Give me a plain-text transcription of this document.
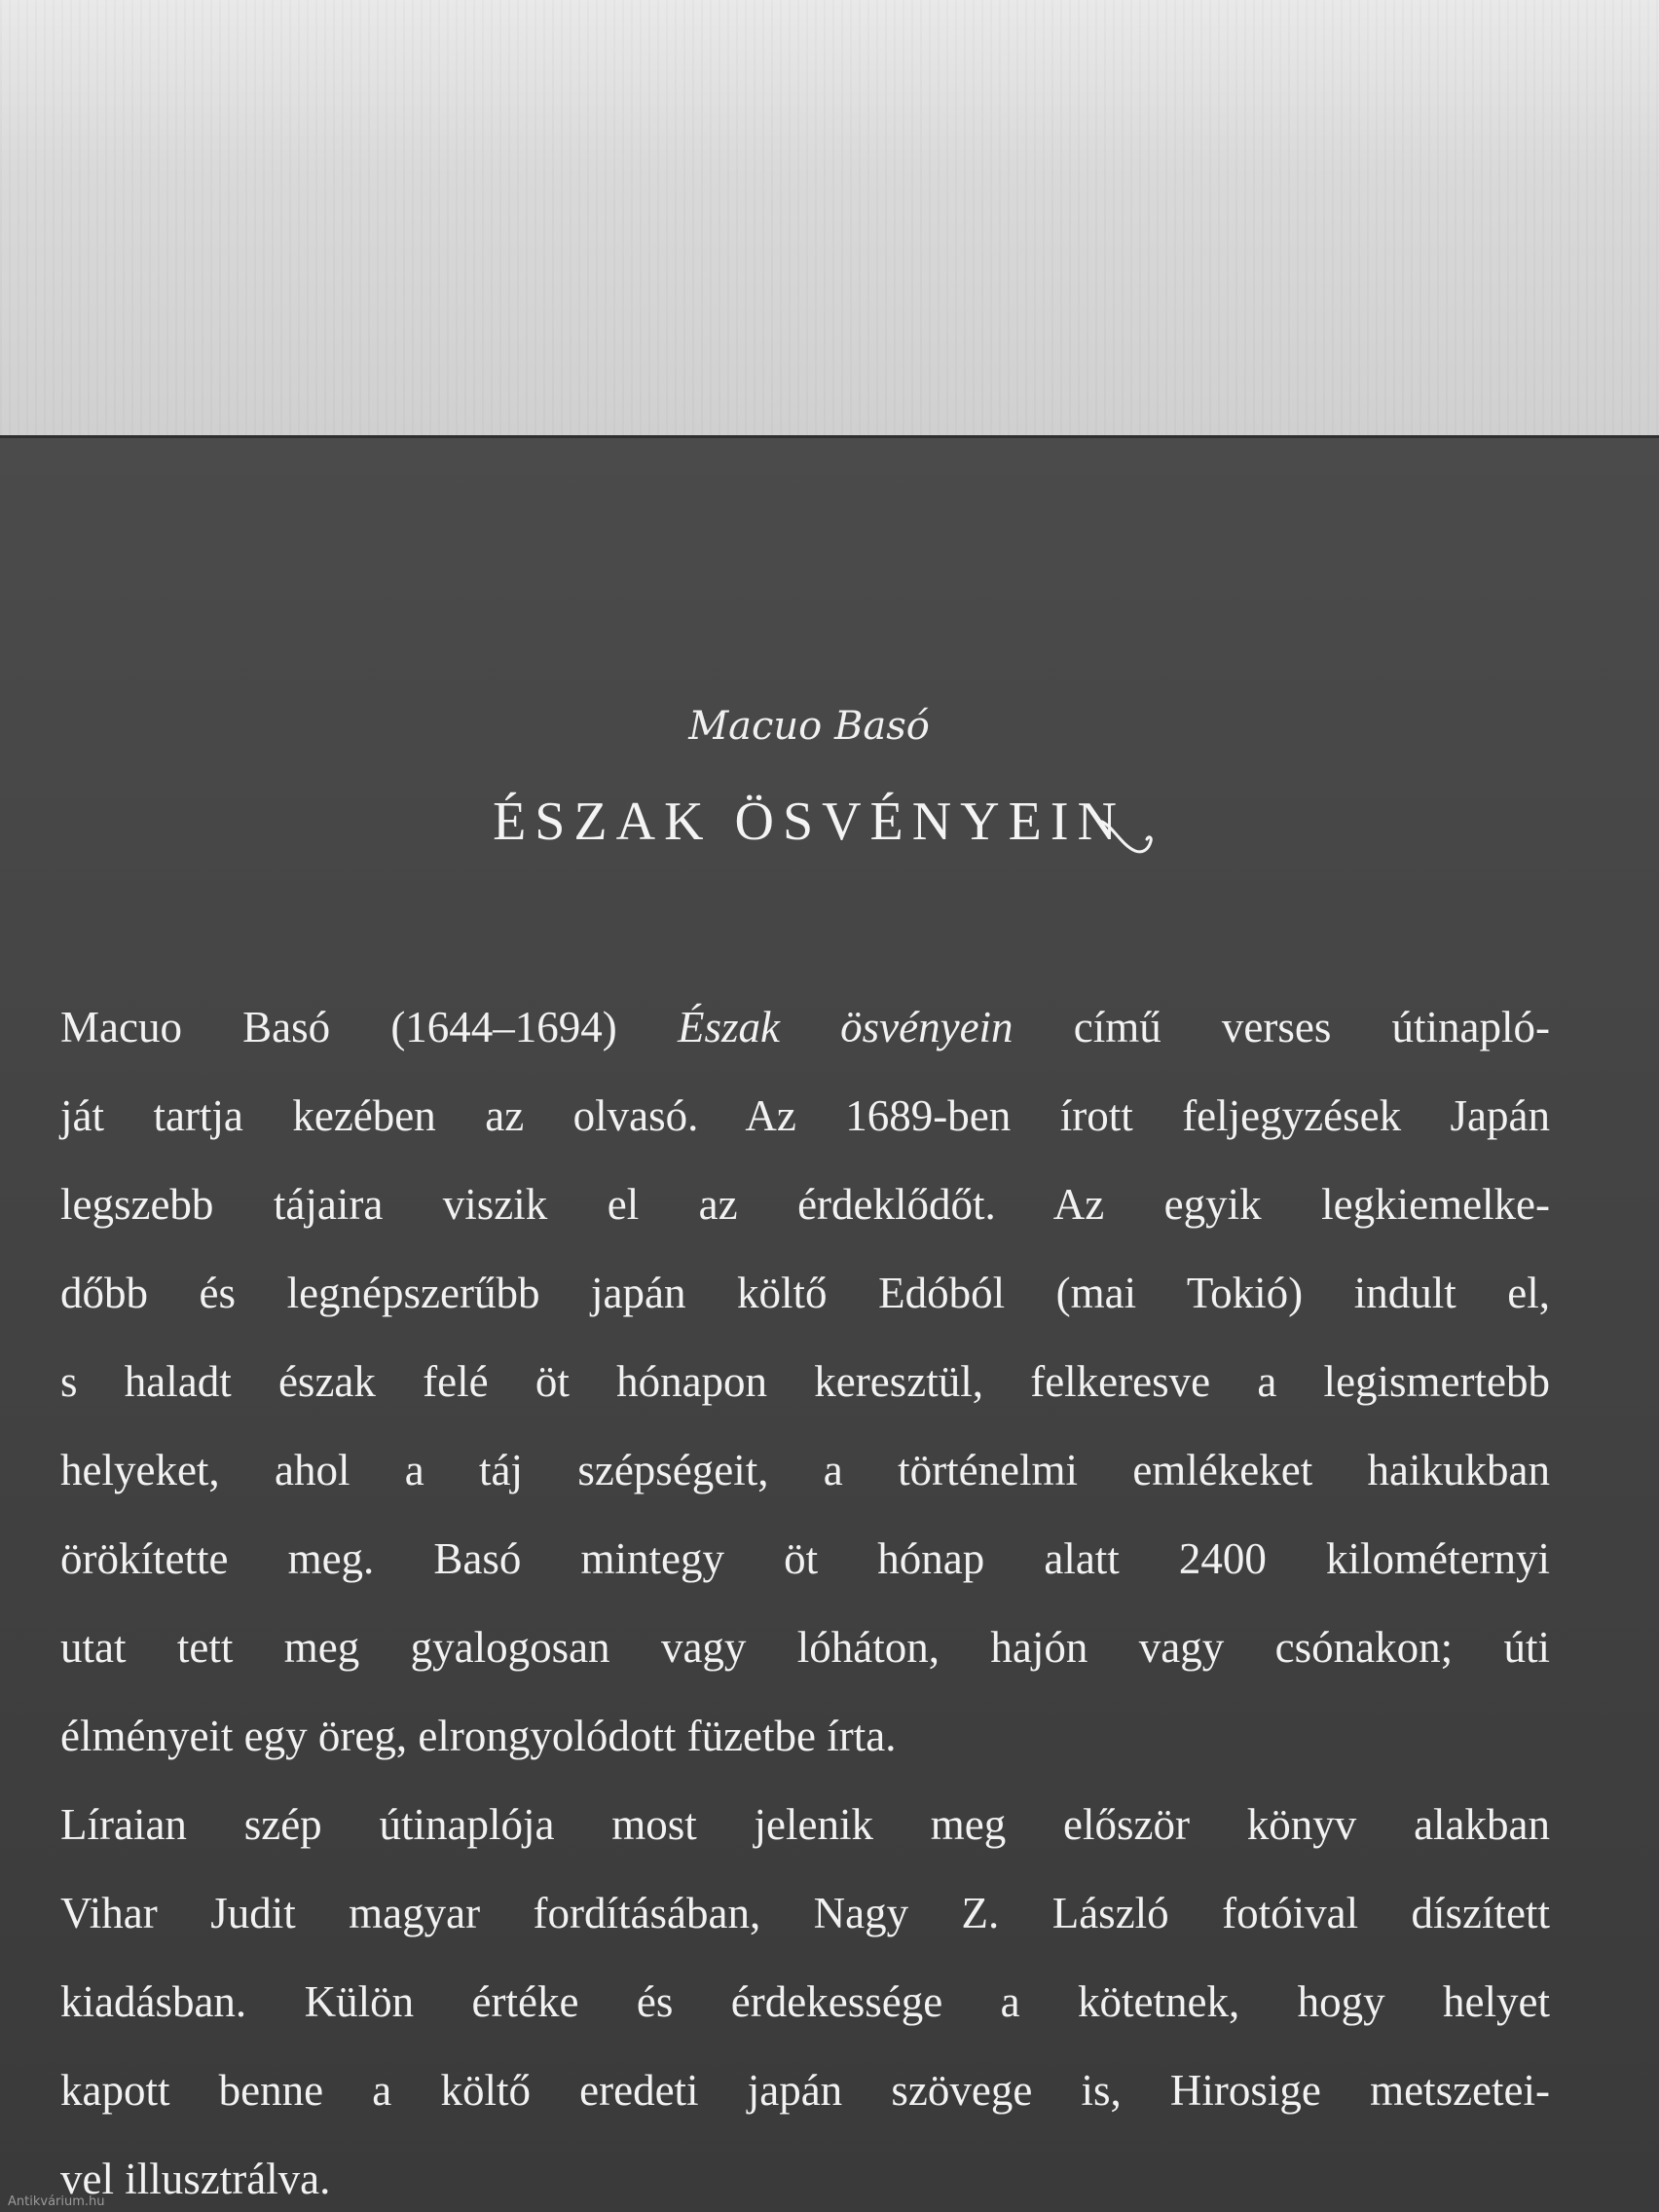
Macuo Basó
ÉSZAK ÖSVÉNYEIN
Macuo Basó (1644–1694) Észak ösvényein című verses útinapló-
ját tartja kezében az olvasó. Az 1689-ben írott feljegyzések Japán
legszebb tájaira viszik el az érdeklődőt. Az egyik legkiemelke-
dőbb és legnépszerűbb japán költő Edóból (mai Tokió) indult el,
s haladt észak felé öt hónapon keresztül, felkeresve a legismertebb
helyeket, ahol a táj szépségeit, a történelmi emlékeket haikukban
örökítette meg. Basó mintegy öt hónap alatt 2400 kilométernyi
utat tett meg gyalogosan vagy lóháton, hajón vagy csónakon; úti
élményeit egy öreg, elrongyolódott füzetbe írta.
Líraian szép útinaplója most jelenik meg először könyv alakban
Vihar Judit magyar fordításában, Nagy Z. László fotóival díszített
kiadásban. Külön értéke és érdekessége a kötetnek, hogy helyet
kapott benne a költő eredeti japán szövege is, Hirosige metszetei-
vel illusztrálva.
Antikvárium.hu
